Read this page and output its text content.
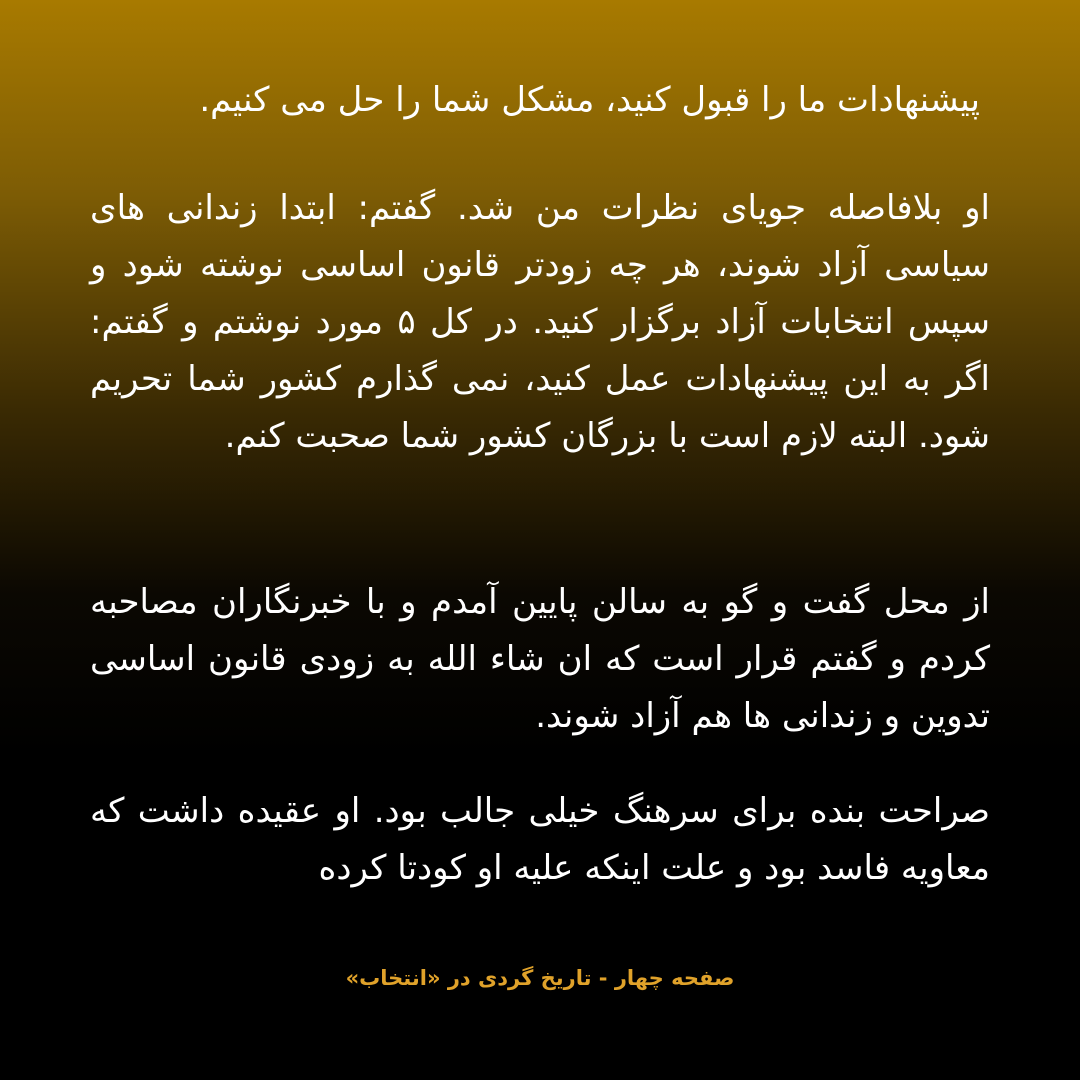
پیشنهادات ما را قبول کنید، مشکل شما را حل می کنیم.

او بلافاصله جویای نظرات من شد. گفتم: ابتدا زندانی های سیاسی آزاد شوند، هر چه زودتر قانون اساسی نوشته شود و سپس انتخابات آزاد برگزار کنید. در کل ۵ مورد نوشتم و گفتم: اگر به این پیشنهادات عمل کنید، نمی گذارم کشور شما تحریم شود. البته لازم است با بزرگان کشور شما صحبت کنم.

از محل گفت و گو به سالن پایین آمدم و با خبرنگاران مصاحبه کردم و گفتم قرار است که ان شاء الله به زودی قانون اساسی تدوین و زندانی ها هم آزاد شوند.

صراحت بنده برای سرهنگ خیلی جالب بود. او عقیده داشت که معاویه فاسد بود و علت اینکه علیه او کودتا کرده

صفحه چهار - تاریخ گردی در «انتخاب»
